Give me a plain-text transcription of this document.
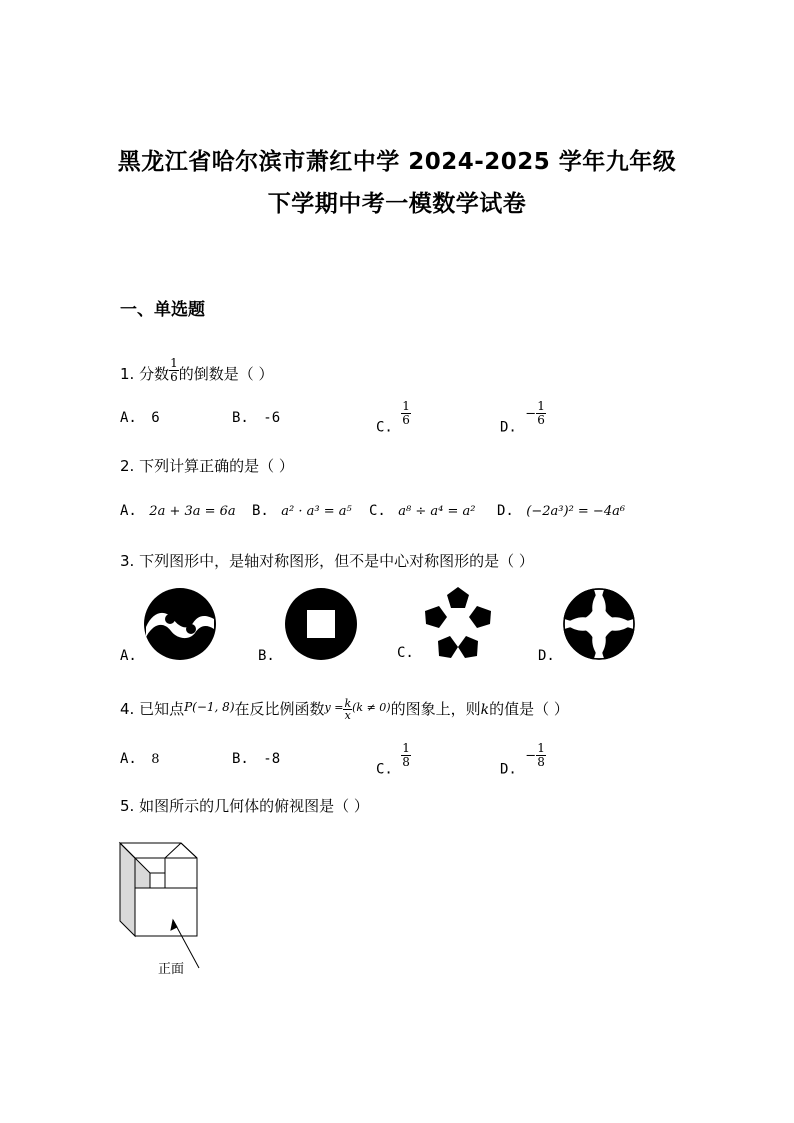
黑龙江省哈尔滨市萧红中学 2024-2025 学年九年级
下学期中考一模数学试卷
一、单选题
1. 分数 $\frac{1}{6}$ 的倒数是（ ）
A. 6	B. -6
C.
$\frac{1}{6}$
D. − $\frac{1}{6}$
2. 下列计算正确的是（ ）
A. 2a + 3a = 6a B. a² · a³ = a⁵ C. a⁸ ÷ a⁴ = a² D. (−2a³)² = −4a⁶
3. 下列图形中，是轴对称图形，但不是中心对称图形的是（ ）
A.	B.	C.	D.
4. 已知点$^{P(-1, 8)}$在反比例函数$^{y =} \frac{k}{x} ^{(k \ne 0)}$的图象上，则k的值是（ ）
A. 8	B. -8
C.
$\frac{1}{8}$
D. − $\frac{1}{8}$
5. 如图所示的几何体的俯视图是（ ）
正面
